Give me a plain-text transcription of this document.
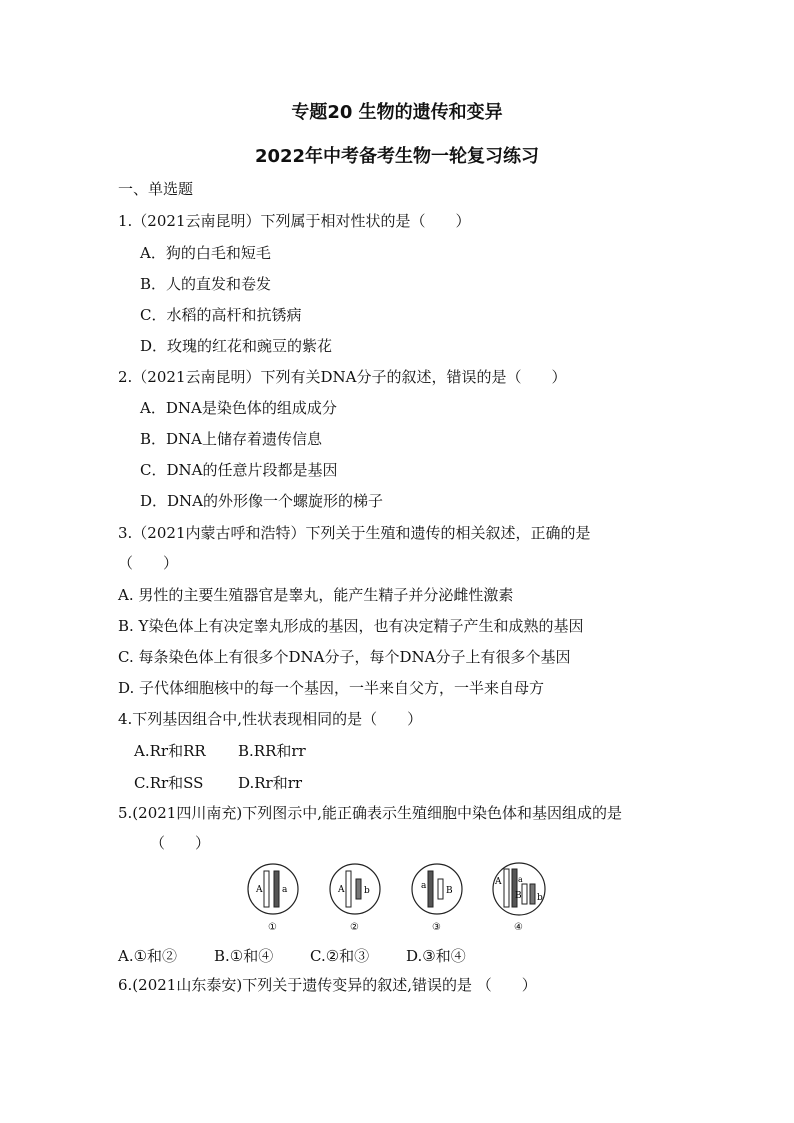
专题20 生物的遗传和变异
2022年中考备考生物一轮复习练习
一、单选题
1.（2021云南昆明）下列属于相对性状的是（　　）
A．狗的白毛和短毛
B．人的直发和卷发
C．水稻的高杆和抗锈病
D．玫瑰的红花和豌豆的紫花
2.（2021云南昆明）下列有关DNA分子的叙述，错误的是（　　）
A．DNA是染色体的组成成分
B．DNA上储存着遗传信息
C．DNA的任意片段都是基因
D．DNA的外形像一个螺旋形的梯子
3.（2021内蒙古呼和浩特）下列关于生殖和遗传的相关叙述，正确的是
（　　）
A. 男性的主要生殖器官是睾丸，能产生精子并分泌雌性激素
B. Y染色体上有决定睾丸形成的基因，也有决定精子产生和成熟的基因
C. 每条染色体上有很多个DNA分子，每个DNA分子上有很多个基因
D. 子代体细胞核中的每一个基因，一半来自父方，一半来自母方
4.下列基因组合中,性状表现相同的是（　　）
A.Rr和RR B.RR和rr
C.Rr和SS D.Rr和rr
5.(2021四川南充)下列图示中,能正确表示生殖细胞中染色体和基因组成的是
（　　）
A a
①
A b
②
a B
③
A a
B b
④
A.①和② B.①和④ C.②和③ D.③和④
6.(2021山东泰安)下列关于遗传变异的叙述,错误的是 （　　）
